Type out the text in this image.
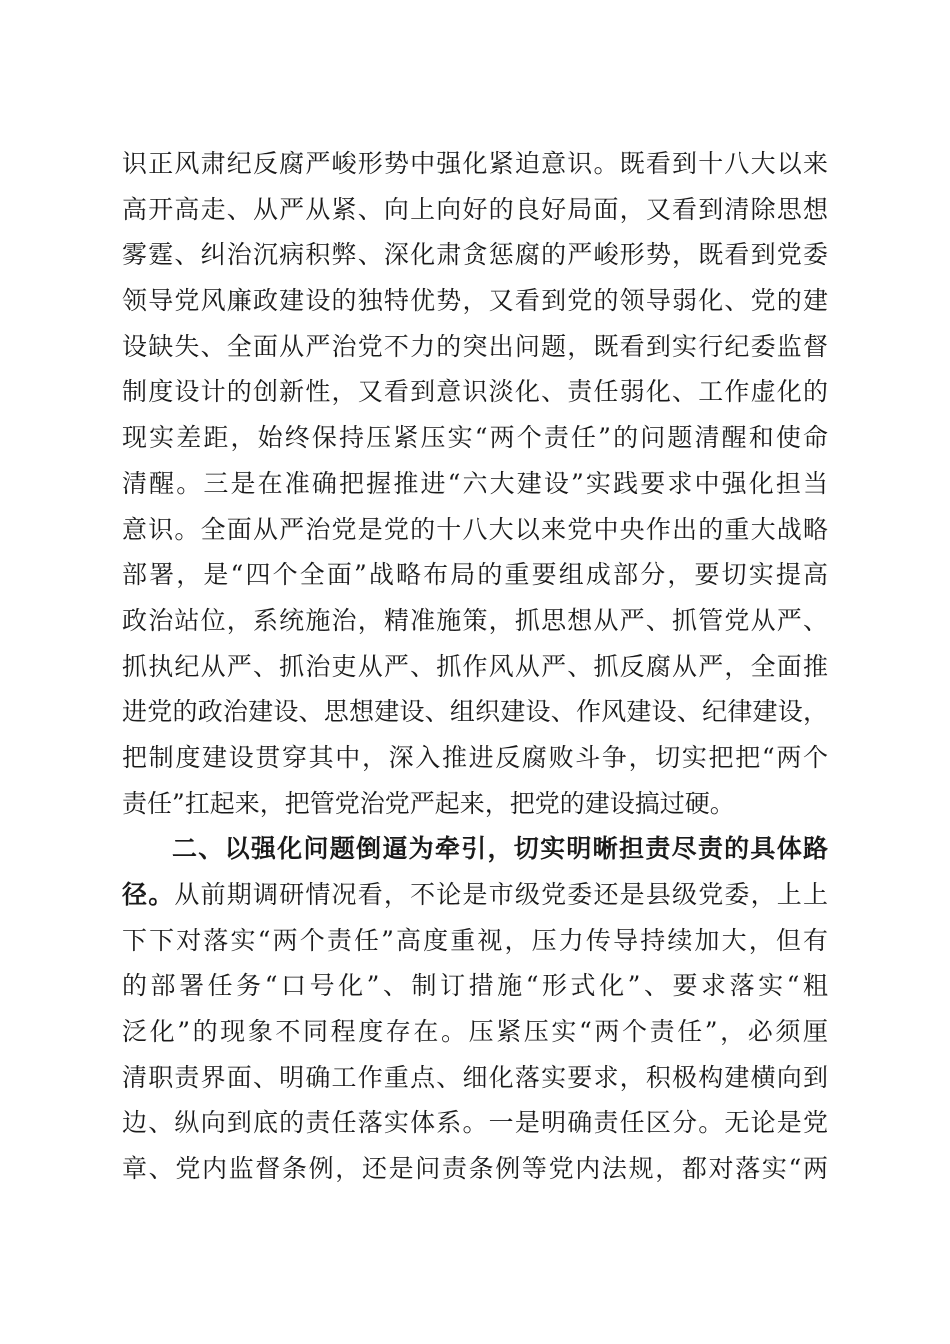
识正风肃纪反腐严峻形势中强化紧迫意识。既看到十八大以来
高开高走、从严从紧、向上向好的良好局面，又看到清除思想
雾霆、纠治沉病积弊、深化肃贪惩腐的严峻形势，既看到党委
领导党风廉政建设的独特优势，又看到党的领导弱化、党的建
设缺失、全面从严治党不力的突出问题，既看到实行纪委监督
制度设计的创新性，又看到意识淡化、责任弱化、工作虚化的
现实差距，始终保持压紧压实“两个责任”的问题清醒和使命
清醒。三是在准确把握推进“六大建设”实践要求中强化担当
意识。全面从严治党是党的十八大以来党中央作出的重大战略
部署，是“四个全面”战略布局的重要组成部分，要切实提高
政治站位，系统施治，精准施策，抓思想从严、抓管党从严、
抓执纪从严、抓治吏从严、抓作风从严、抓反腐从严，全面推
进党的政治建设、思想建设、组织建设、作风建设、纪律建设，
把制度建设贯穿其中，深入推进反腐败斗争，切实把把“两个
责任”扛起来，把管党治党严起来，把党的建设搞过硬。
二、以强化问题倒逼为牵引，切实明晰担责尽责的具体路
径。从前期调研情况看，不论是市级党委还是县级党委，上上
下下对落实“两个责任”高度重视，压力传导持续加大，但有
的部署任务“口号化”、制订措施“形式化”、要求落实“粗
泛化”的现象不同程度存在。压紧压实“两个责任”，必须厘
清职责界面、明确工作重点、细化落实要求，积极构建横向到
边、纵向到底的责任落实体系。一是明确责任区分。无论是党
章、党内监督条例，还是问责条例等党内法规，都对落实“两
